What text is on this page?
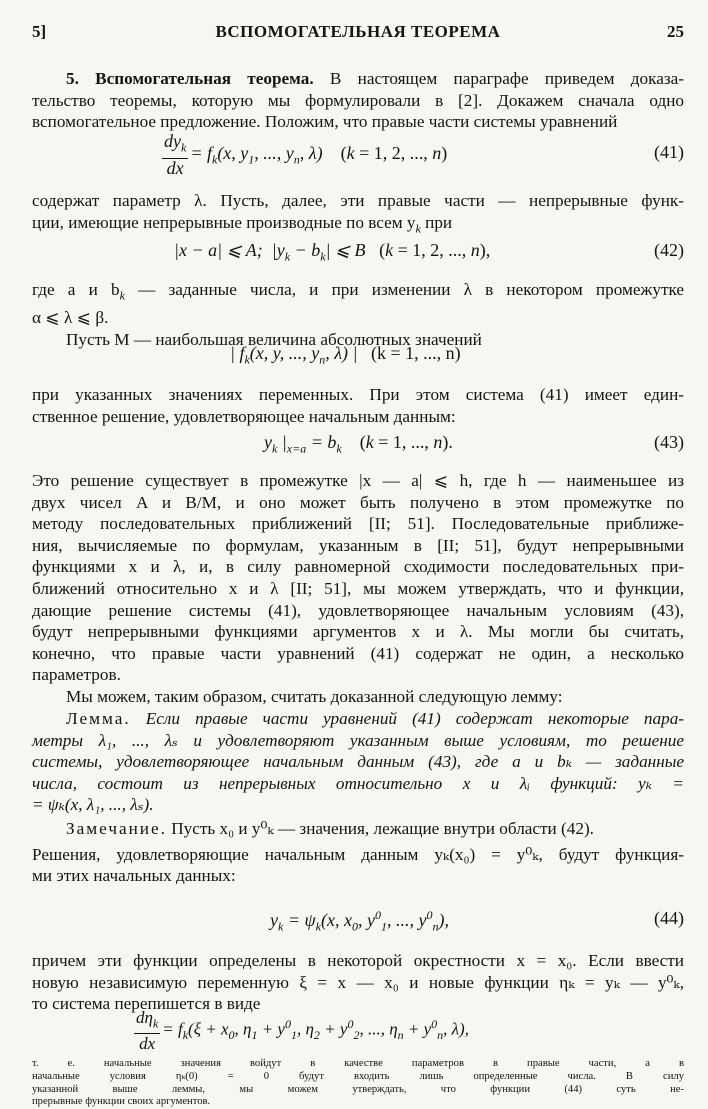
5]	ВСПОМОГАТЕЛЬНАЯ ТЕОРЕМА	25
5. Вспомогательная теорема. В настоящем параграфе приведем доказа-
тельство теоремы, которую мы формулировали в [2]. Докажем сначала одно
вспомогательное предложение. Положим, что правые части системы уравнений
$\frac{dy_k}{dx} = f_k(x$, $y_1$, ..., $y_n$, λ)    (k = 1, 2, ..., n)	(41)
содержат параметр λ. Пусть, далее, эти правые части — непрерывные функ-
ции, имеющие непрерывные производные по всем $y_k$ при
|x − a| ⩽ A;  $|y_k - b_k|$ ⩽ B   (k = 1, 2, ..., n),	(42)
где a и $b_k$ — заданные числа, и при изменении λ в некотором промежутке
α ⩽ λ ⩽ β.
Пусть M — наибольшая величина абсолютных значений
| $f_k(x$, y, ..., $y_n$, λ) |   (k = 1, ..., n)
при указанных значениях переменных. При этом система (41) имеет един-
ственное решение, удовлетворяющее начальным данным:
$y_k$ $|_{x=a} = b_k$ (k = 1, ..., n).	(43)
Это решение существует в промежутке |x — a| ⩽ h, где h — наименьшее из
двух чисел A и B/M, и оно может быть получено в этом промежутке по
методу последовательных приближений [II; 51]. Последовательные приближе-
ния, вычисляемые по формулам, указанным в [II; 51], будут непрерывными
функциями x и λ, и, в силу равномерной сходимости последовательных при-
ближений относительно x и λ [II; 51], мы можем утверждать, что и функции,
дающие решение системы (41), удовлетворяющее начальным условиям (43),
будут непрерывными функциями аргументов x и λ. Мы могли бы считать,
конечно, что правые части уравнений (41) содержат не один, а несколько
параметров.
Мы можем, таким образом, считать доказанной следующую лемму:
Лемма. Если правые части уравнений (41) содержат некоторые пара-
метры λ₁, ..., λₛ и удовлетворяют указанным выше условиям, то решение
системы, удовлетворяющее начальным данным (43), где a и bₖ — заданные
числа, состоит из непрерывных относительно x и λᵢ функций: yₖ =
= ψₖ(x, λ₁, ..., λₛ).
Замечание. Пусть x₀ и y⁰ₖ — значения, лежащие внутри области (42).
Решения, удовлетворяющие начальным данным yₖ(x₀) = y⁰ₖ, будут функция-
ми этих начальных данных:
$y_k = \psi_k(x$, $x_0$, $y^0_1$, ..., $y^0_n$),	(44)
причем эти функции определены в некоторой окрестности x = x₀. Если ввести
новую независимую переменную ξ = x — x₀ и новые функции ηₖ = yₖ — y⁰ₖ,
то система перепишется в виде
$\frac{d\eta_k}{dx} = f_k(\xi + x_0$, $\eta_1 + y^0_1$, $\eta_2 + y^0_2$, ..., $\eta_n + y^0_n$, λ),
т. е. начальные значения войдут в качестве параметров в правые части, а в
начальные условия ηₖ(0) = 0 будут входить лишь определенные числа. В силу
указанной выше леммы, мы можем утверждать, что функции (44) суть не-
прерывные функции своих аргументов.
